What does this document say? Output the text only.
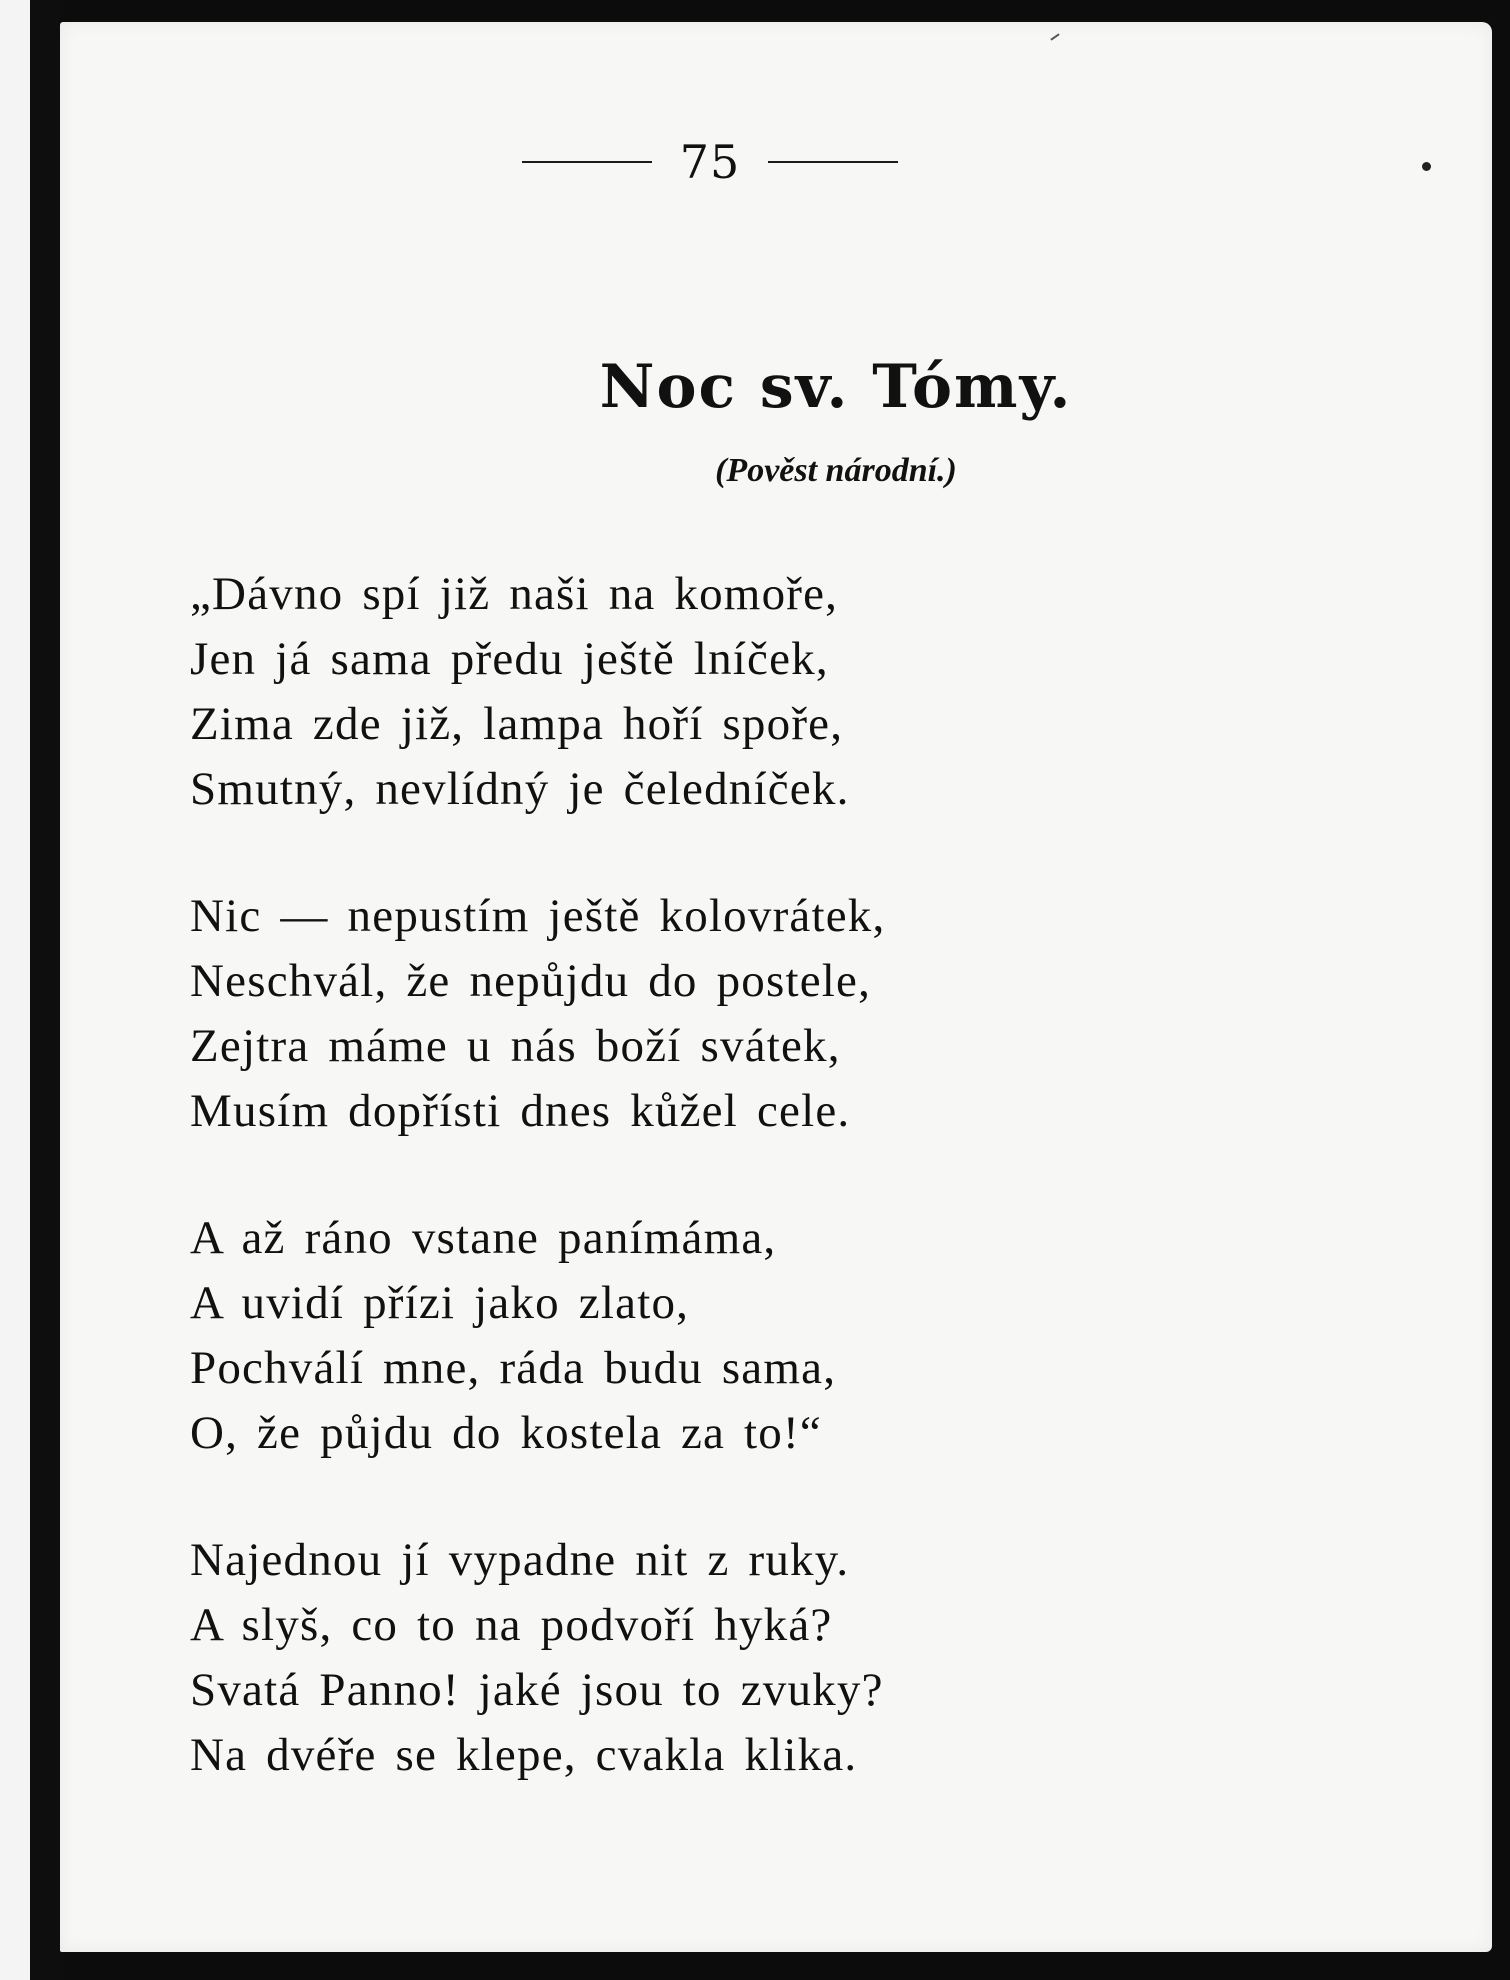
75
Noc sv. Tómy.
(Pověst národní.)
„Dávno spí již naši na komoře,
Jen já sama předu ještě lníček,
Zima zde již, lampa hoří spoře,
Smutný, nevlídný je čeledníček.
Nic — nepustím ještě kolovrátek,
Neschvál, že nepůjdu do postele,
Zejtra máme u nás boží svátek,
Musím dopřísti dnes kůžel cele.
A až ráno vstane panímáma,
A uvidí přízi jako zlato,
Pochválí mne, ráda budu sama,
O, že půjdu do kostela za to!“
Najednou jí vypadne nit z ruky.
A slyš, co to na podvoří hyká?
Svatá Panno! jaké jsou to zvuky?
Na dvéře se klepe, cvakla klika.
